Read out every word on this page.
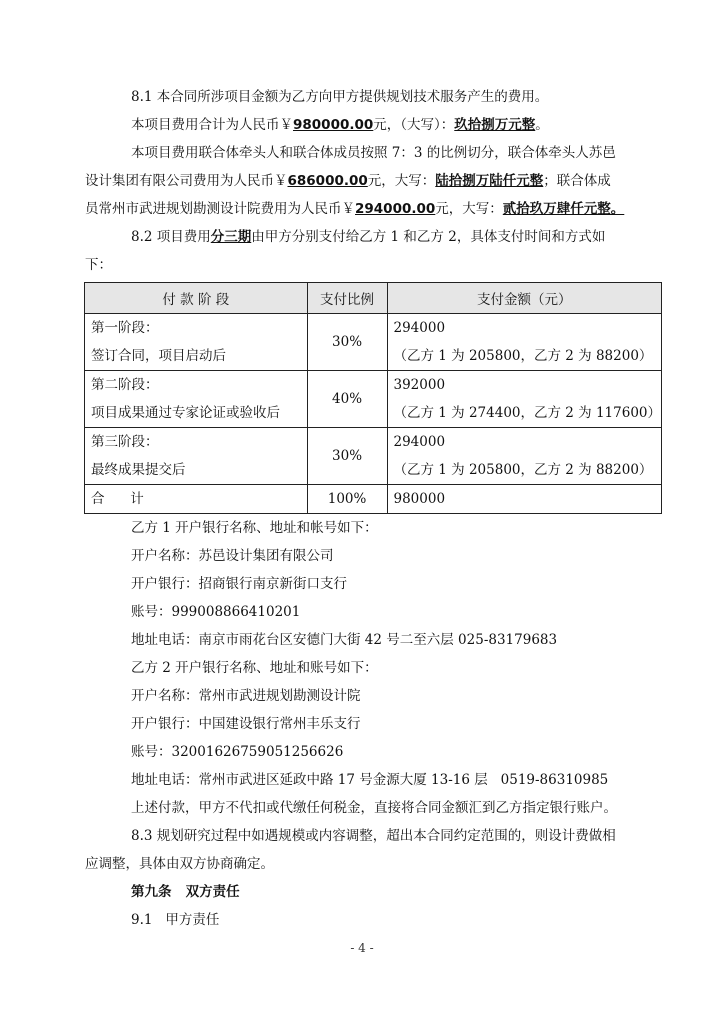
8.1 本合同所涉项目金额为乙方向甲方提供规划技术服务产生的费用。
本项目费用合计为人民币￥980000.00元，（大写）：玖拾捌万元整。
本项目费用联合体牵头人和联合体成员按照 7：3 的比例切分，联合体牵头人苏邑
设计集团有限公司费用为人民币￥686000.00元，大写：陆拾捌万陆仟元整；联合体成
员常州市武进规划勘测设计院费用为人民币￥294000.00元，大写：贰拾玖万肆仟元整。
8.2 项目费用分三期由甲方分别支付给乙方 1 和乙方 2，具体支付时间和方式如
下：
付 款 阶 段	支付比例	支付金额（元）

第一阶段：
签订合同，项目启动后	30%	294000
（乙方 1 为 205800，乙方 2 为 88200）

第二阶段：
项目成果通过专家论证或验收后	40%	392000
（乙方 1 为 274400，乙方 2 为 117600）

第三阶段：
最终成果提交后	30%	294000
（乙方 1 为 205800，乙方 2 为 88200）

合      计	100%	980000
乙方 1 开户银行名称、地址和帐号如下：
开户名称：苏邑设计集团有限公司
开户银行：招商银行南京新街口支行
账号：999008866410201
地址电话：南京市雨花台区安德门大街 42 号二至六层 025-83179683
乙方 2 开户银行名称、地址和账号如下：
开户名称：常州市武进规划勘测设计院
开户银行：中国建设银行常州丰乐支行
账号：32001626759051256626
地址电话：常州市武进区延政中路 17 号金源大厦 13-16 层   0519-86310985
上述付款，甲方不代扣或代缴任何税金，直接将合同金额汇到乙方指定银行账户。
8.3 规划研究过程中如遇规模或内容调整，超出本合同约定范围的，则设计费做相
应调整，具体由双方协商确定。
第九条   双方责任
9.1   甲方责任
- 4 -
